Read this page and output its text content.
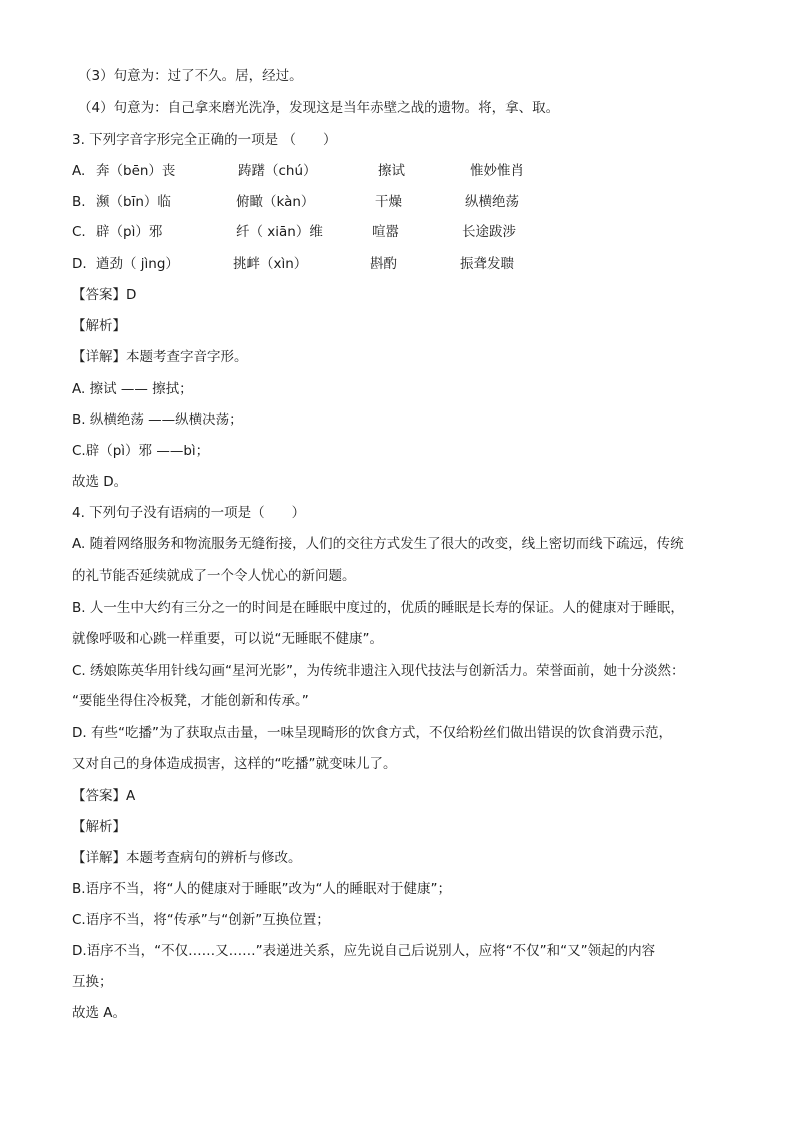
（3）句意为：过了不久。居，经过。
（4）句意为：自己拿来磨光洗净，发现这是当年赤壁之战的遗物。将，拿、取。
3. 下列字音字形完全正确的一项是 （　　）
A. 奔（bēn）丧	踌躇（chú）	擦试	惟妙惟肖
B. 濒（bīn）临	俯瞰（kàn）	干燥	纵横绝荡
C. 辟（pì）邪	纤（ xiān）维	喧嚣	长途跋涉
D. 遒劲（ jìng）	挑衅（xìn）	斟酌	振聋发聩
【答案】D
【解析】
【详解】本题考查字音字形。
A. 擦试 —— 擦拭；
B. 纵横绝荡 ——纵横决荡；
C.辟（pì）邪 ——bì；
故选 D。
4. 下列句子没有语病的一项是（　　）
A. 随着网络服务和物流服务无缝衔接，人们的交往方式发生了很大的改变，线上密切而线下疏远，传统
的礼节能否延续就成了一个令人忧心的新问题。
B. 人一生中大约有三分之一的时间是在睡眠中度过的，优质的睡眠是长寿的保证。人的健康对于睡眠，
就像呼吸和心跳一样重要，可以说“无睡眠不健康”。
C. 绣娘陈英华用针线勾画“星河光影”，为传统非遗注入现代技法与创新活力。荣誉面前，她十分淡然：
“要能坐得住冷板凳，才能创新和传承。”
D. 有些“吃播”为了获取点击量，一味呈现畸形的饮食方式，不仅给粉丝们做出错误的饮食消费示范，
又对自己的身体造成损害，这样的“吃播”就变味儿了。
【答案】A
【解析】
【详解】本题考查病句的辨析与修改。
B.语序不当，将“人的健康对于睡眠”改为“人的睡眠对于健康”；
C.语序不当，将“传承”与“创新”互换位置；
D.语序不当，“不仅……又……”表递进关系，应先说自己后说别人，应将“不仅”和“又”领起的内容
互换；
故选 A。
